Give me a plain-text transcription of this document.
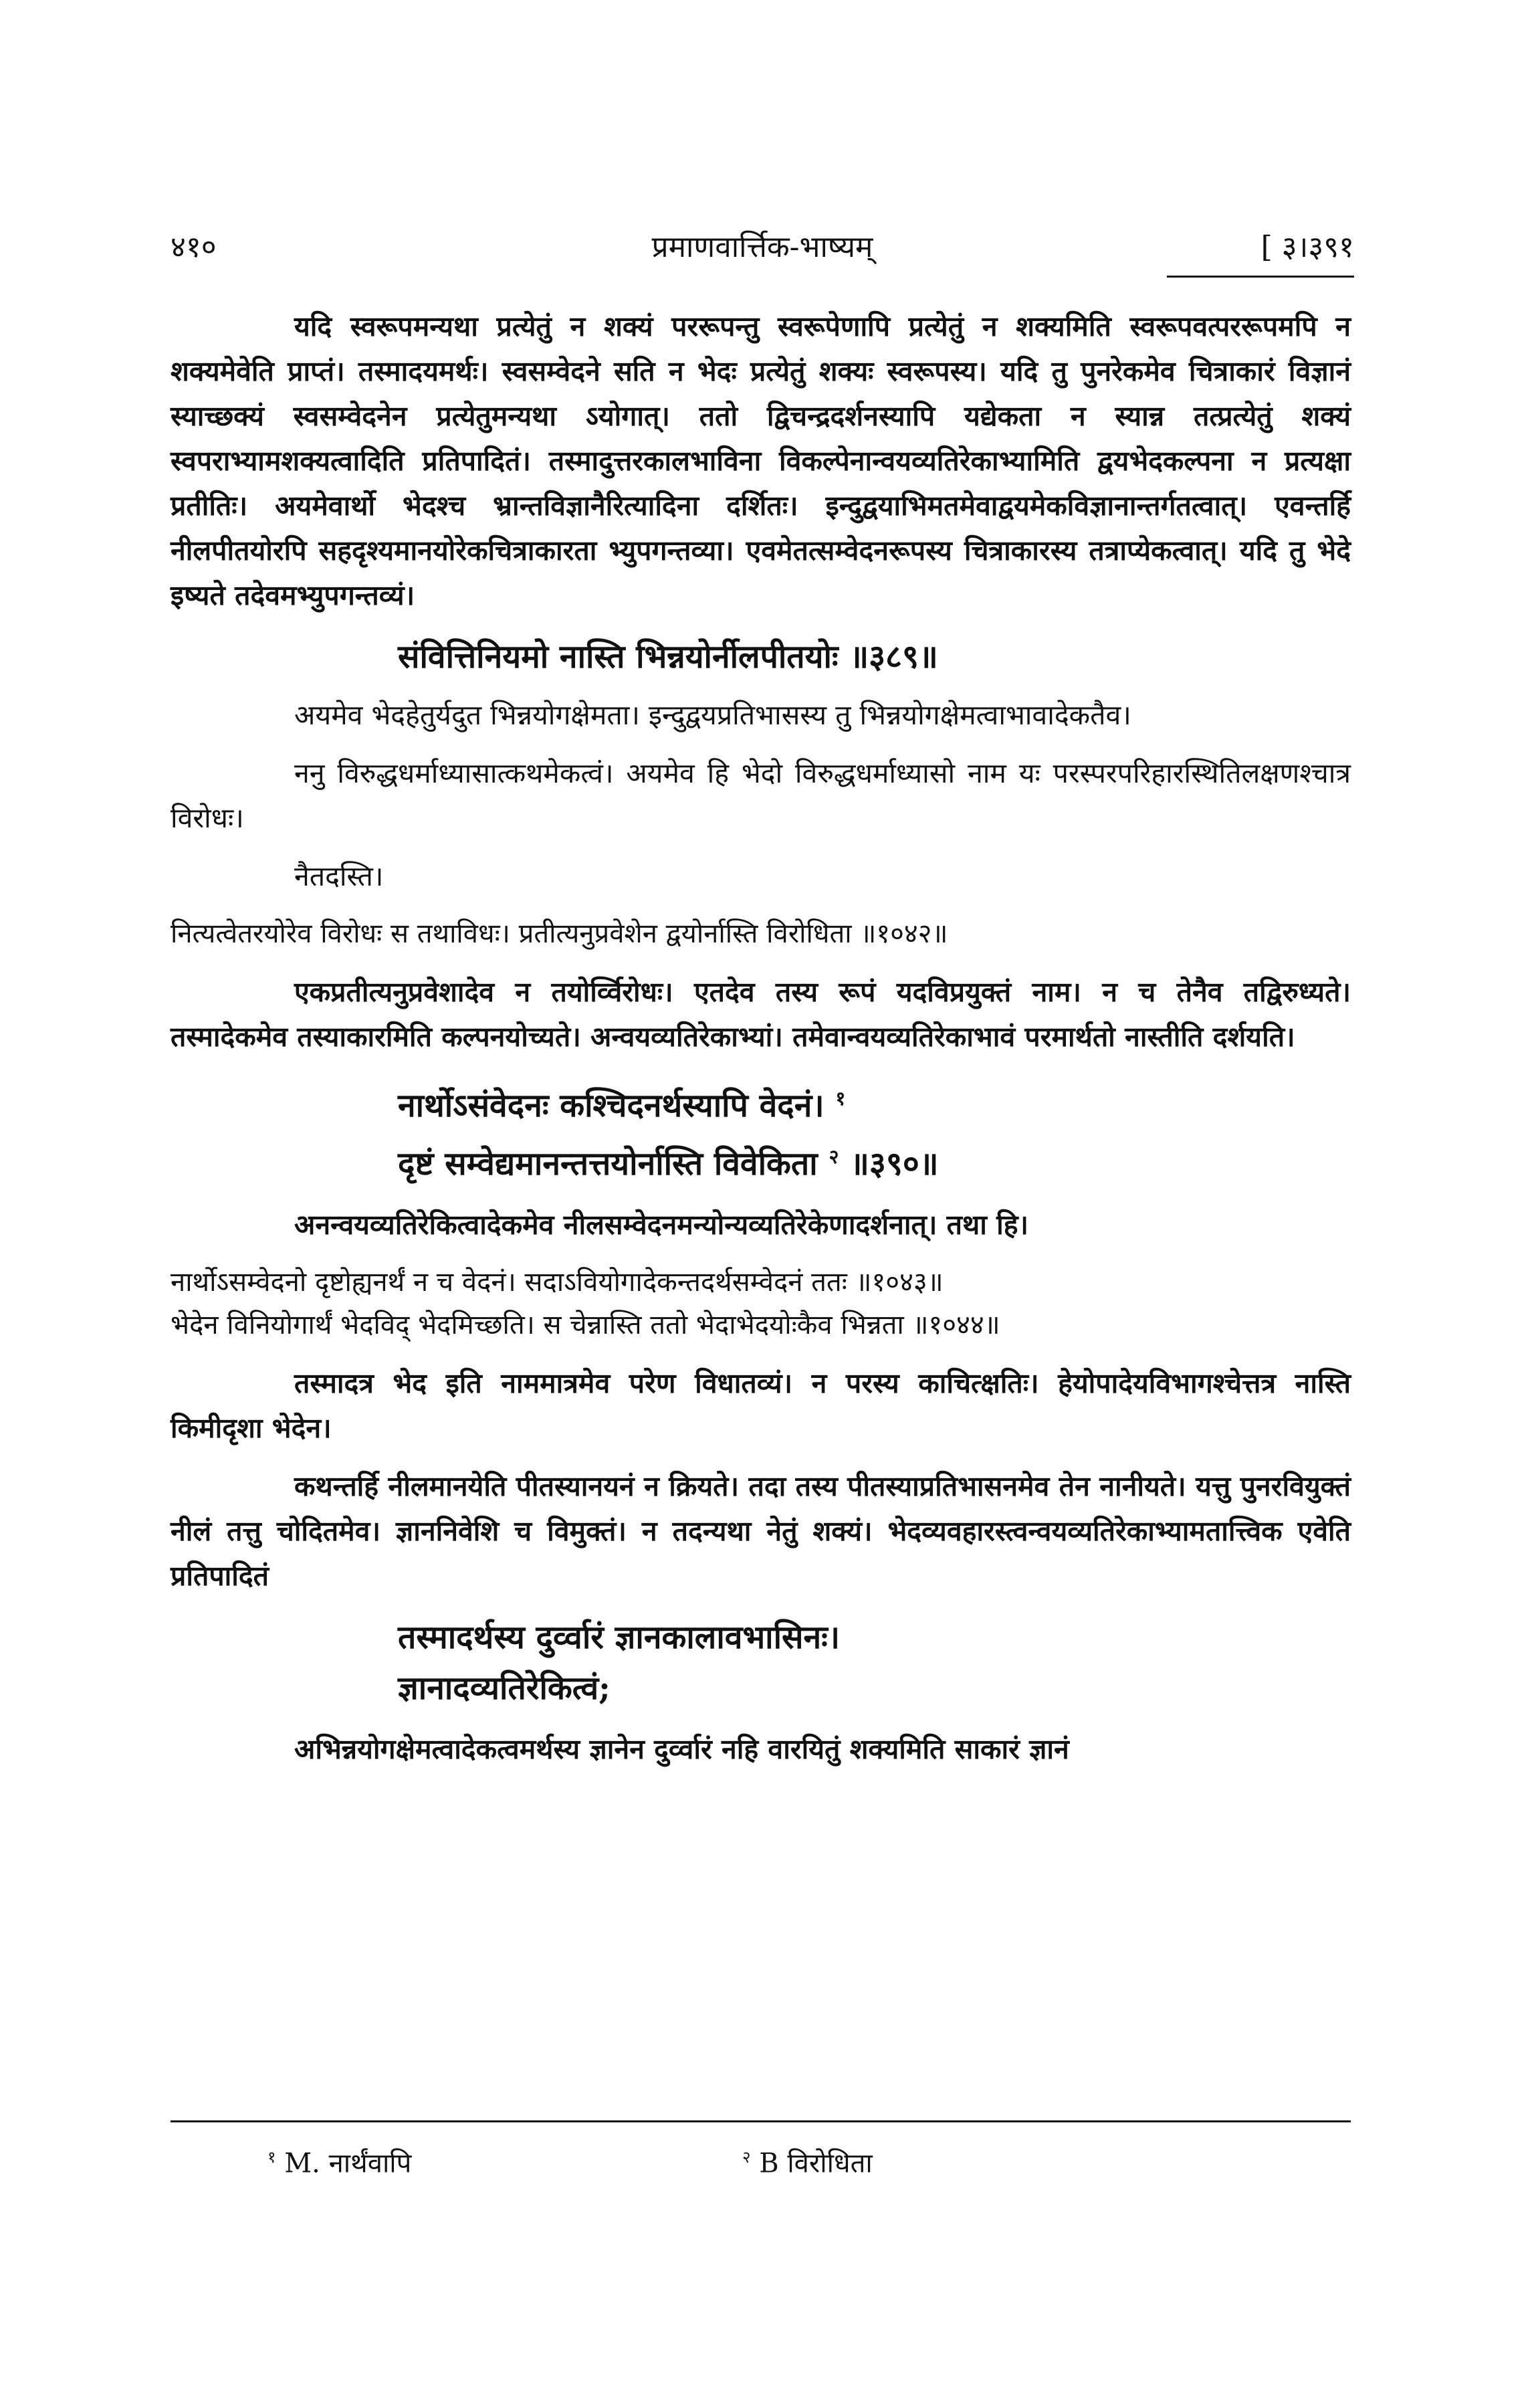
४१०	प्रमाणवार्त्तिक-भाष्यम्	[ ३।३९१

यदि स्वरूपमन्यथा प्रत्येतुं न शक्यं पररूपन्तु स्वरूपेणापि प्रत्येतुं न शक्यमिति स्वरूपवत्पररूपमपि न शक्यमेवेति प्राप्तं। तस्मादयमर्थः। स्वसम्वेदने सति न भेदः प्रत्येतुं शक्यः स्वरूपस्य। यदि तु पुनरेकमेव चित्राकारं विज्ञानं स्याच्छक्यं स्वसम्वेदनेन प्रत्येतुमन्यथा ऽयोगात्। ततो द्विचन्द्रदर्शनस्यापि यद्येकता न स्यान्न तत्प्रत्येतुं शक्यं स्वपराभ्यामशक्यत्वादिति प्रतिपादितं। तस्मादुत्तरकालभाविना विकल्पेनान्वयव्यतिरेकाभ्यामिति द्वयभेदकल्पना न प्रत्यक्षा प्रतीतिः। अयमेवार्थो भेदश्च भ्रान्तविज्ञानैरित्यादिना दर्शितः। इन्दुद्वयाभिमतमेवाद्वयमेकविज्ञानान्तर्गतत्वात्। एवन्तर्हि नीलपीतयोरपि सहदृश्यमानयोरेकचित्राकारता भ्युपगन्तव्या। एवमेतत्सम्वेदनरूपस्य चित्राकारस्य तत्राप्येकत्वात्। यदि तु भेदे इष्यते तदेवमभ्युपगन्तव्यं।

संवित्तिनियमो नास्ति भिन्नयोर्नीलपीतयोः ॥३८९॥

अयमेव भेदहेतुर्यदुत भिन्नयोगक्षेमता। इन्दुद्वयप्रतिभासस्य तु भिन्नयोगक्षेमत्वाभावादेकतैव।

ननु विरुद्धधर्माध्यासात्कथमेकत्वं। अयमेव हि भेदो विरुद्धधर्माध्यासो नाम यः परस्परपरिहारस्थितिलक्षणश्चात्र विरोधः।

नैतदस्ति।

नित्यत्वेतरयोरेव विरोधः स तथाविधः। प्रतीत्यनुप्रवेशेन द्वयोर्नास्ति विरोधिता ॥१०४२॥

एकप्रतीत्यनुप्रवेशादेव न तयोर्व्विरोधः। एतदेव तस्य रूपं यदविप्रयुक्तं नाम। न च तेनैव तद्विरुध्यते। तस्मादेकमेव तस्याकारमिति कल्पनयोच्यते। अन्वयव्यतिरेकाभ्यां। तमेवान्वयव्यतिरेकाभावं परमार्थतो नास्तीति दर्शयति।

नार्थोऽसंवेदनः कश्चिदनर्थस्यापि वेदनं। $^१$
दृष्टं सम्वेद्यमानन्तत्तयोर्नास्ति विवेकिता $^२$ ॥३९०॥

अनन्वयव्यतिरेकित्वादेकमेव नीलसम्वेदनमन्योन्यव्यतिरेकेणादर्शनात्। तथा हि।

नार्थोऽसम्वेदनो दृष्टोह्यनर्थं न च वेदनं। सदाऽवियोगादेकन्तदर्थसम्वेदनं ततः ॥१०४३॥
भेदेन विनियोगार्थं भेदविद् भेदमिच्छति। स चेन्नास्ति ततो भेदाभेदयोःकैव भिन्नता ॥१०४४॥

तस्मादत्र भेद इति नाममात्रमेव परेण विधातव्यं। न परस्य काचित्क्षतिः। हेयोपादेयविभागश्चेत्तत्र नास्ति किमीदृशा भेदेन।

कथन्तर्हि नीलमानयेति पीतस्यानयनं न क्रियते। तदा तस्य पीतस्याप्रतिभासनमेव तेन नानीयते। यत्तु पुनरवियुक्तं नीलं तत्तु चोदितमेव। ज्ञाननिवेशि च विमुक्तं। न तदन्यथा नेतुं शक्यं। भेदव्यवहारस्त्वन्वयव्यतिरेकाभ्यामतात्त्विक एवेति प्रतिपादितं

तस्मादर्थस्य दुर्व्वारं ज्ञानकालावभासिनः।
ज्ञानादव्यतिरेकित्वं;

अभिन्नयोगक्षेमत्वादेकत्वमर्थस्य ज्ञानेन दुर्व्वारं नहि वारयितुं शक्यमिति साकारं ज्ञानं

$^१$ M. नार्थंवापि	$^२$ B विरोधिता
